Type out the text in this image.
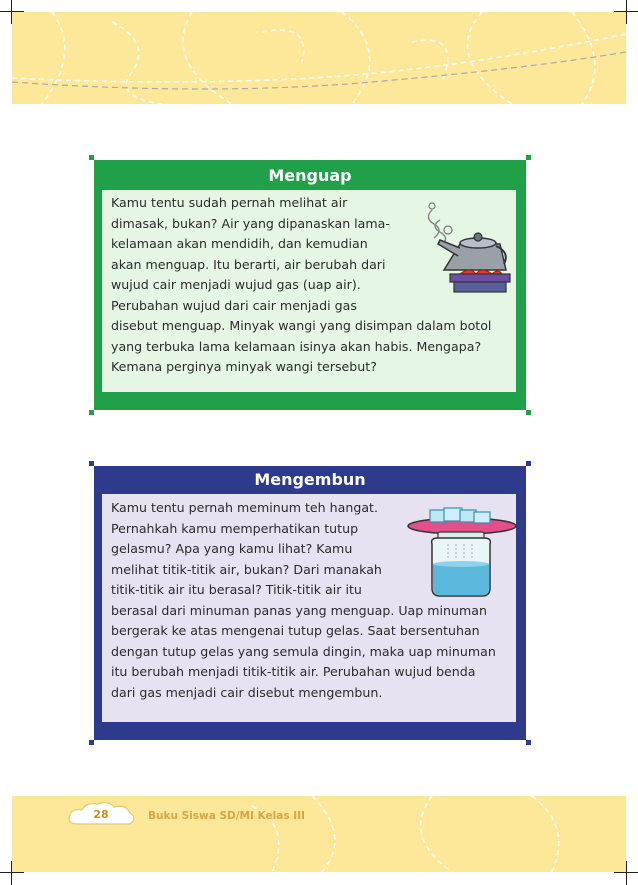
Menguap
Kamu tentu sudah pernah melihat air
dimasak, bukan? Air yang dipanaskan lama-
kelamaan akan mendidih, dan kemudian
akan menguap. Itu berarti, air berubah dari
wujud cair menjadi wujud gas (uap air).
Perubahan wujud dari cair menjadi gas
disebut menguap. Minyak wangi yang disimpan dalam botol
yang terbuka lama kelamaan isinya akan habis. Mengapa?
Kemana perginya minyak wangi tersebut?
Mengembun
Kamu tentu pernah meminum teh hangat.
Pernahkah kamu memperhatikan tutup
gelasmu? Apa yang kamu lihat? Kamu
melihat titik-titik air, bukan? Dari manakah
titik-titik air itu berasal? Titik-titik air itu
berasal dari minuman panas yang menguap. Uap minuman
bergerak ke atas mengenai tutup gelas. Saat bersentuhan
dengan tutup gelas yang semula dingin, maka uap minuman
itu berubah menjadi titik-titik air. Perubahan wujud benda
dari gas menjadi cair disebut mengembun.
28	Buku Siswa SD/MI Kelas III
